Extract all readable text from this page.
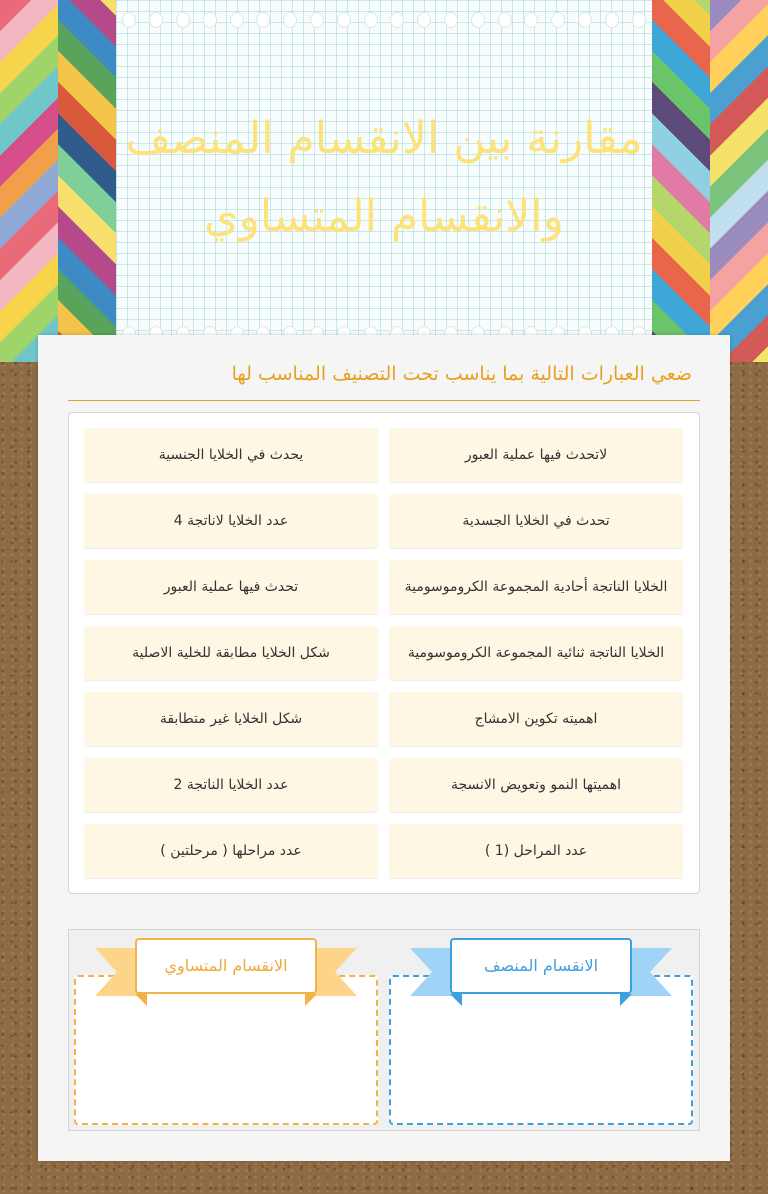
مقارنة بين الانقسام المنصف
والانقسام المتساوي
ضعي العبارات التالية بما يناسب تحت التصنيف المناسب لها
لاتحدث فيها عملية العبور
يحدث في الخلايا الجنسية
تحدث في الخلايا الجسدية
عدد الخلايا لاناتجة 4
الخلايا الناتجة أحادية المجموعة الكروموسومية
تحدث فيها عملية العبور
الخلايا الناتجة ثنائية المجموعة الكروموسومية
شكل الخلايا مطابقة للخلية الاصلية
اهميته تكوين الامشاج
شكل الخلايا غير متطابقة
اهميتها النمو وتعويض الانسجة
عدد الخلايا الناتجة 2
عدد المراحل (1 )
عدد مراحلها ( مرحلتين )
الانقسام المنصف
الانقسام المتساوي
